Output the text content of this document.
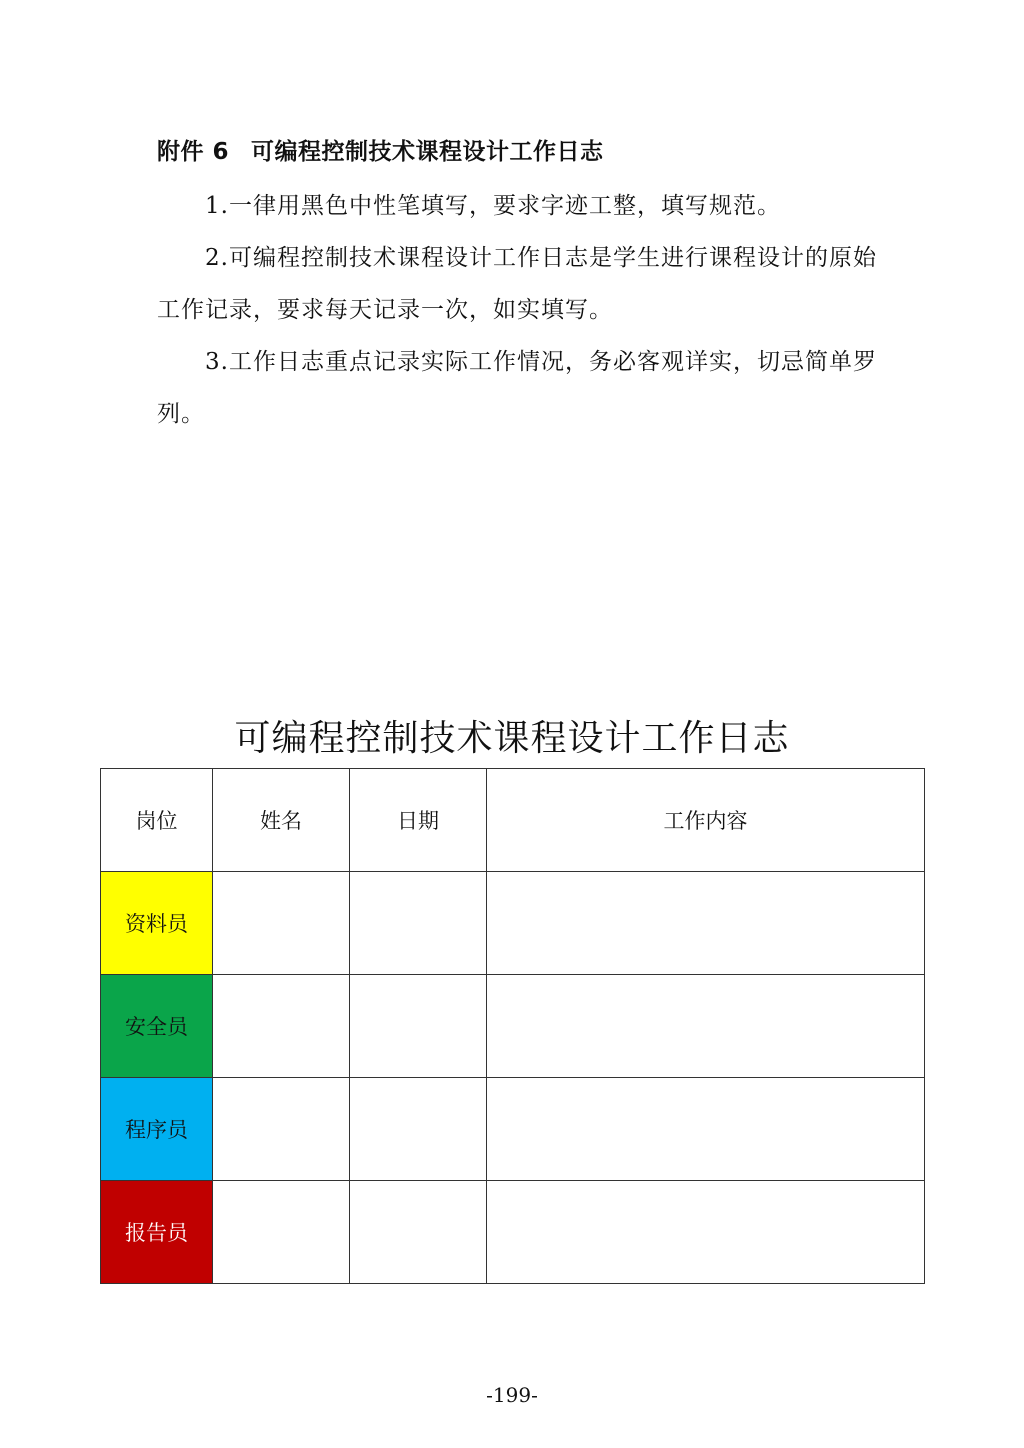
附件 6 可编程控制技术课程设计工作日志
1.一律用黑色中性笔填写，要求字迹工整，填写规范。
2.可编程控制技术课程设计工作日志是学生进行课程设计的原始工作记录，要求每天记录一次，如实填写。
3.工作日志重点记录实际工作情况，务必客观详实，切忌简单罗列。
可编程控制技术课程设计工作日志
岗位	姓名	日期	工作内容
资料员			
安全员			
程序员			
报告员			
-199-
